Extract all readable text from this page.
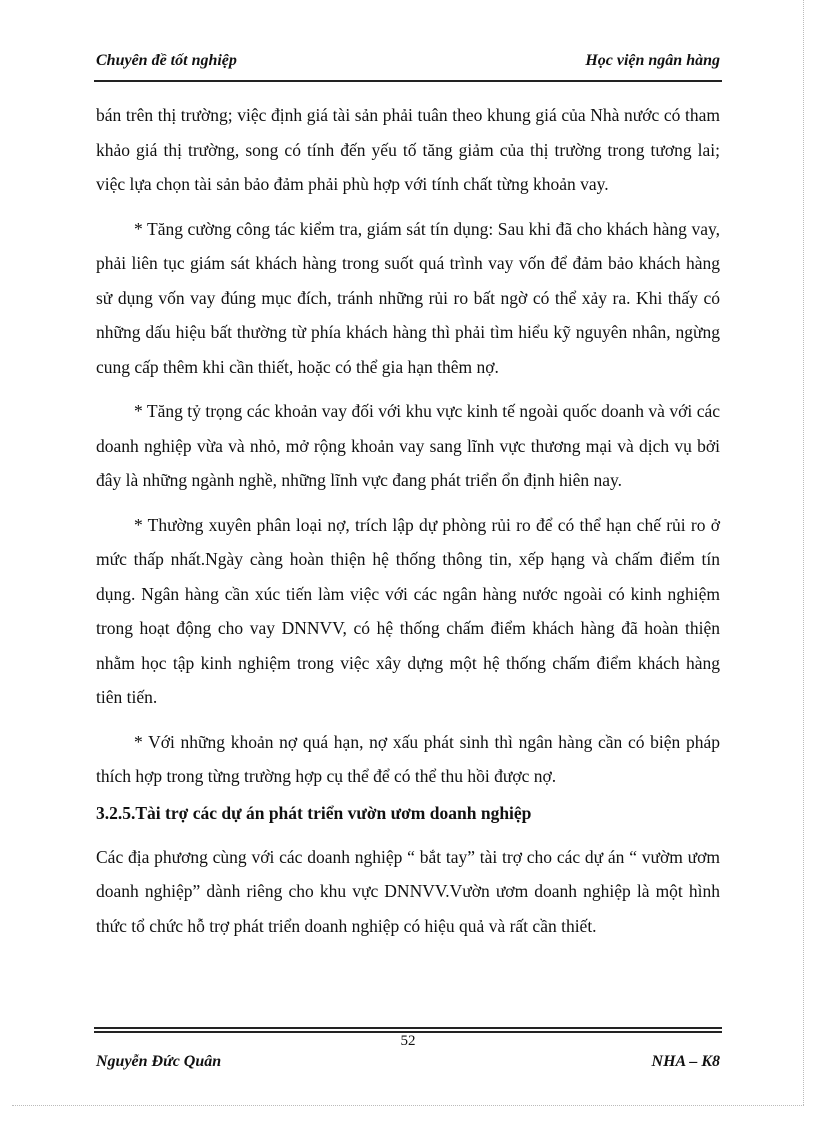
Chuyên đề tốt nghiệp	Học viện ngân hàng

bán trên thị trường; việc định giá tài sản phải tuân theo khung giá của Nhà nước có tham khảo giá thị trường, song có tính đến yếu tố tăng giảm của thị trường trong tương lai; việc lựa chọn tài sản bảo đảm phải phù hợp với tính chất từng khoản vay.

* Tăng cường công tác kiểm tra, giám sát tín dụng: Sau khi đã cho khách hàng vay, phải liên tục giám sát khách hàng trong suốt quá trình vay vốn để đảm bảo khách hàng sử dụng vốn vay đúng mục đích, tránh những rủi ro bất ngờ có thể xảy ra. Khi thấy có những dấu hiệu bất thường từ phía khách hàng thì phải tìm hiểu kỹ nguyên nhân, ngừng cung cấp thêm khi cần thiết, hoặc có thể gia hạn thêm nợ.

* Tăng tỷ trọng các khoản vay đối với khu vực kinh tế ngoài quốc doanh và với các doanh nghiệp vừa và nhỏ, mở rộng khoản vay sang lĩnh vực thương mại và dịch vụ bởi đây là những ngành nghề, những lĩnh vực đang phát triển ổn định hiên nay.

* Thường xuyên phân loại nợ, trích lập dự phòng rủi ro để có thể hạn chế rủi ro ở mức thấp nhất.Ngày càng hoàn thiện hệ thống thông tin, xếp hạng và chấm điểm tín dụng. Ngân hàng cần xúc tiến làm việc với các ngân hàng nước ngoài có kinh nghiệm trong hoạt động cho vay DNNVV, có hệ thống chấm điểm khách hàng đã hoàn thiện nhằm học tập kinh nghiệm trong việc xây dựng một hệ thống chấm điểm khách hàng tiên tiến.

* Với những khoản nợ quá hạn, nợ xấu phát sinh thì ngân hàng cần có biện pháp thích hợp trong từng trường hợp cụ thể để có thể thu hồi được nợ.

3.2.5.Tài trợ các dự án phát triển vườn ươm doanh nghiệp

Các địa phương cùng với các doanh nghiệp “ bắt tay” tài trợ cho các dự án “ vườm ươm doanh nghiệp” dành riêng cho khu vực DNNVV.Vườn ươm doanh nghiệp là một hình thức tổ chức hỗ trợ phát triển doanh nghiệp có hiệu quả và rất cần thiết.

52
Nguyễn Đức Quân	NHA – K8
